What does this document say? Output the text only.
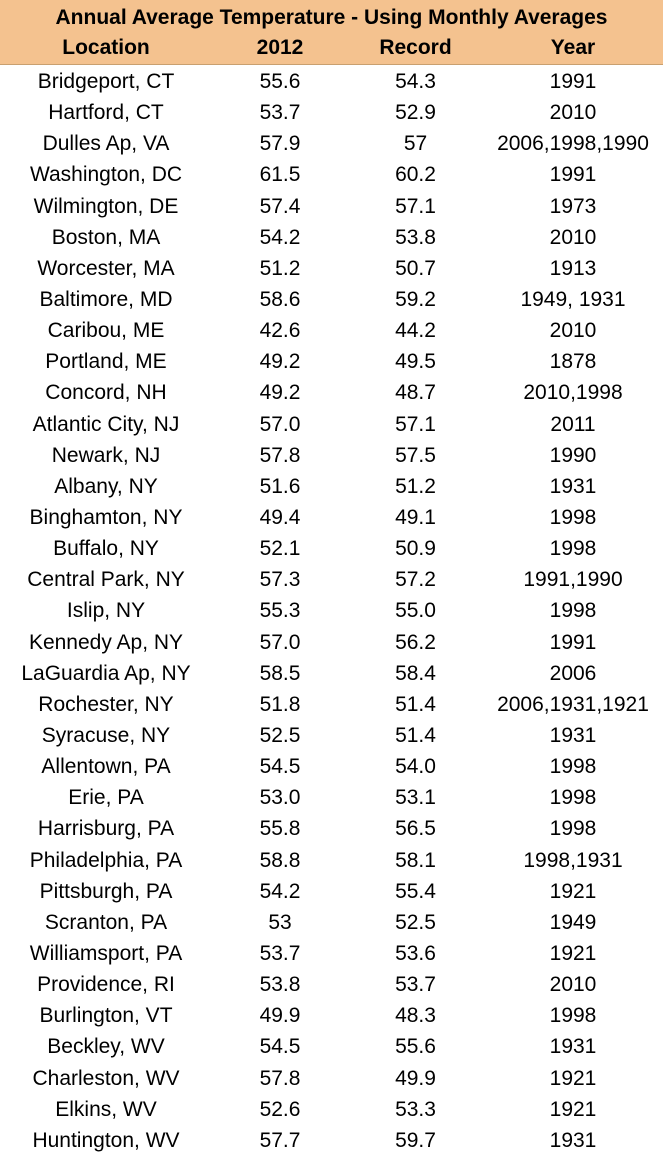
Annual Average Temperature - Using Monthly Averages
Location	2012	Record	Year
Bridgeport, CT	55.6	54.3	1991
Hartford, CT	53.7	52.9	2010
Dulles Ap, VA	57.9	57	2006,1998,1990
Washington, DC	61.5	60.2	1991
Wilmington, DE	57.4	57.1	1973
Boston, MA	54.2	53.8	2010
Worcester, MA	51.2	50.7	1913
Baltimore, MD	58.6	59.2	1949, 1931
Caribou, ME	42.6	44.2	2010
Portland, ME	49.2	49.5	1878
Concord, NH	49.2	48.7	2010,1998
Atlantic City, NJ	57.0	57.1	2011
Newark, NJ	57.8	57.5	1990
Albany, NY	51.6	51.2	1931
Binghamton, NY	49.4	49.1	1998
Buffalo, NY	52.1	50.9	1998
Central Park, NY	57.3	57.2	1991,1990
Islip, NY	55.3	55.0	1998
Kennedy Ap, NY	57.0	56.2	1991
LaGuardia Ap, NY	58.5	58.4	2006
Rochester, NY	51.8	51.4	2006,1931,1921
Syracuse, NY	52.5	51.4	1931
Allentown, PA	54.5	54.0	1998
Erie, PA	53.0	53.1	1998
Harrisburg, PA	55.8	56.5	1998
Philadelphia, PA	58.8	58.1	1998,1931
Pittsburgh, PA	54.2	55.4	1921
Scranton, PA	53	52.5	1949
Williamsport, PA	53.7	53.6	1921
Providence, RI	53.8	53.7	2010
Burlington, VT	49.9	48.3	1998
Beckley, WV	54.5	55.6	1931
Charleston, WV	57.8	49.9	1921
Elkins, WV	52.6	53.3	1921
Huntington, WV	57.7	59.7	1931
